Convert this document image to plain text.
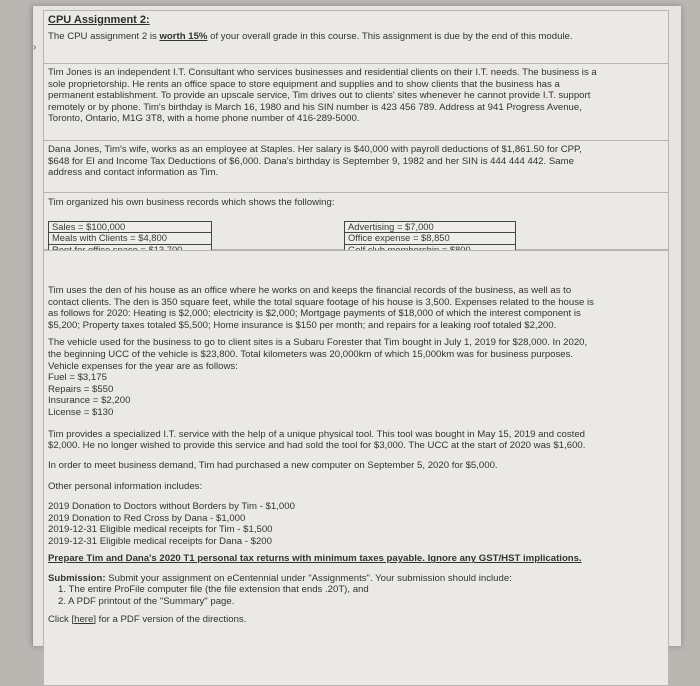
›
CPU Assignment 2:
The CPU assignment 2 is worth 15% of your overall grade in this course. This assignment is due by the end of this module.
Tim Jones is an independent I.T. Consultant who services businesses and residential clients on their I.T. needs. The business is a
sole proprietorship. He rents an office space to store equipment and supplies and to show clients that the business has a
permanent establishment. To provide an upscale service, Tim drives out to clients' sites whenever he cannot provide I.T. support
remotely or by phone. Tim's birthday is March 16, 1980 and his SIN number is 423 456 789. Address at 941 Progress Avenue,
Toronto, Ontario, M1G 3T8, with a home phone number of 416-289-5000.
Dana Jones, Tim's wife, works as an employee at Staples. Her salary is $40,000 with payroll deductions of $1,861.50 for CPP,
$648 for EI and Income Tax Deductions of $6,000. Dana's birthday is September 9, 1982 and her SIN is 444 444 442. Same
address and contact information as Tim.
Tim organized his own business records which shows the following:
Sales = $100,000
Meals with Clients = $4,800
Advertising = $7,000
Office expense = $8,850
Tim uses the den of his house as an office where he works on and keeps the financial records of the business, as well as to
contact clients. The den is 350 square feet, while the total square footage of his house is 3,500. Expenses related to the house is
as follows for 2020: Heating is $2,000; electricity is $2,000; Mortgage payments of $18,000 of which the interest component is
$5,200; Property taxes totaled $5,500; Home insurance is $150 per month; and repairs for a leaking roof totaled $2,200.
The vehicle used for the business to go to client sites is a Subaru Forester that Tim bought in July 1, 2019 for $28,000. In 2020,
the beginning UCC of the vehicle is $23,800. Total kilometers was 20,000km of which 15,000km was for business purposes.
Vehicle expenses for the year are as follows:
Fuel = $3,175
Repairs = $550
Insurance = $2,200
License = $130
Tim provides a specialized I.T. service with the help of a unique physical tool. This tool was bought in May 15, 2019 and costed
$2,000. He no longer wished to provide this service and had sold the tool for $3,000. The UCC at the start of 2020 was $1,600.
In order to meet business demand, Tim had purchased a new computer on September 5, 2020 for $5,000.
Other personal information includes:
2019 Donation to Doctors without Borders by Tim - $1,000
2019 Donation to Red Cross by Dana - $1,000
2019-12-31 Eligible medical receipts for Tim - $1,500
2019-12-31 Eligible medical receipts for Dana - $200
Prepare Tim and Dana's 2020 T1 personal tax returns with minimum taxes payable. Ignore any GST/HST implications.
Submission: Submit your assignment on eCentennial under "Assignments". Your submission should include:
1. The entire ProFile computer file (the file extension that ends .20T), and
2. A PDF printout of the "Summary" page.
Click [here] for a PDF version of the directions.
